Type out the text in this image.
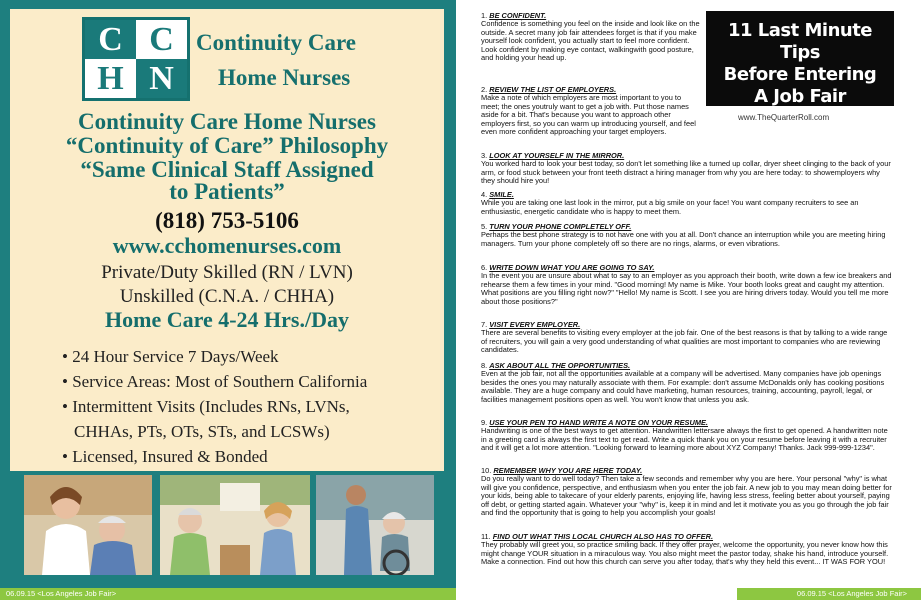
C C
H N
Continuity Care
Home Nurses
Continuity Care Home Nurses
“Continuity of Care” Philosophy
“Same Clinical Staff Assigned
to Patients”
(818) 753-5106
www.cchomenurses.com
Private/Duty Skilled (RN / LVN)
Unskilled (C.N.A. / CHHA)
Home Care 4-24 Hrs./Day
• 24 Hour Service 7 Days/Week
• Service Areas: Most of Southern California
• Intermittent Visits (Includes RNs, LVNs,
CHHAs, PTs, OTs, STs, and LCSWs)
• Licensed, Insured & Bonded
11 Last Minute Tips
Before Entering
A Job Fair
www.TheQuarterRoll.com
1. BE CONFIDENT.
Confidence is something you feel on the inside and look like on the outside. A secret many job fair attendees forget is that if you make yourself look confident, you actually start to feel more confident. Look confident by making eye contact, walkingwith good posture, and holding your head up.
2. REVIEW THE LIST OF EMPLOYERS.
Make a note of which employers are most important to you to meet; the ones youtruly want to get a job with. Put those names aside for a bit. That's because you want to approach other employers first, so you can warm up introducing yourself, and feel even more confident approaching your target employers.
3. LOOK AT YOURSELF IN THE MIRROR.
You worked hard to look your best today, so don't let something like a turned up collar, dryer sheet clinging to the back of your arm, or food stuck between your front teeth distract a hiring manager from why you are here today: to showemployers why they should hire you!
4. SMILE.
While you are taking one last look in the mirror, put a big smile on your face! You want company recruiters to see an enthusiastic, energetic candidate who is happy to meet them.
5. TURN YOUR PHONE COMPLETELY OFF.
Perhaps the best phone strategy is to not have one with you at all. Don't chance an interruption while you are meeting hiring managers. Turn your phone completely off so there are no rings, alarms, or even vibrations.
6. WRITE DOWN WHAT YOU ARE GOING TO SAY.
In the event you are unsure about what to say to an employer as you approach their booth, write down a few ice breakers and rehearse them a few times in your mind. "Good morning! My name is Mike. Your booth looks great and caught my attention. What positions are you filling right now?" "Hello! My name is Scott. I see you are hiring drivers today. Would you tell me more about those positions?"
7. VISIT EVERY EMPLOYER.
There are several benefits to visiting every employer at the job fair. One of the best reasons is that by talking to a wide range of recruiters, you will gain a very good understanding of what qualities are most important to companies who are reviewing candidates.
8. ASK ABOUT ALL THE OPPORTUNITIES.
Even at the job fair, not all the opportunities available at a company will be advertised. Many companies have job openings besides the ones you may naturally associate with them. For example: don't assume McDonalds only has cooking positions available. They are a huge company and could have marketing, human resources, training, accounting, payroll, legal, or facilities management positions open as well. You won't know that unless you ask.
9. USE YOUR PEN TO HAND WRITE A NOTE ON YOUR RESUME.
Handwriting is one of the best ways to get attention. Handwritten lettersare always the first to get opened. A handwritten note in a greeting card is always the first text to get read. Write a quick thank you on your resume before leaving it with a recruiter and it will get a lot more attention. "Looking forward to learning more about XYZ Company! Thanks. Jack 999-999-1234".
10. REMEMBER WHY YOU ARE HERE TODAY.
Do you really want to do well today? Then take a few seconds and remember why you are here. Your personal "why" is what will give you confidence, perspective, and enthusiasm when you enter the job fair. A new job to you may mean doing better for your kids, being able to takecare of your elderly parents, enjoying life, having less stress, feeling better about yourself, paying off debt, or getting started again. Whatever your "why" is, keep it in mind and let it motivate you as you go through the job fair and find the opportunity that is going to help you accomplish your goals!
11. FIND OUT WHAT THIS LOCAL CHURCH ALSO HAS TO OFFER.
They probably will greet you, so practice smiling back. If they offer prayer, welcome the opportunity, you never know how this might change YOUR situation in a miraculous way. You also might meet the pastor today, shake his hand, introduce yourself. Make a connection. Find out how this church can serve you after today, that's why they held this event... IT WAS FOR YOU!
06.09.15 <Los Angeles Job Fair>	06.09.15 <Los Angeles Job Fair>
